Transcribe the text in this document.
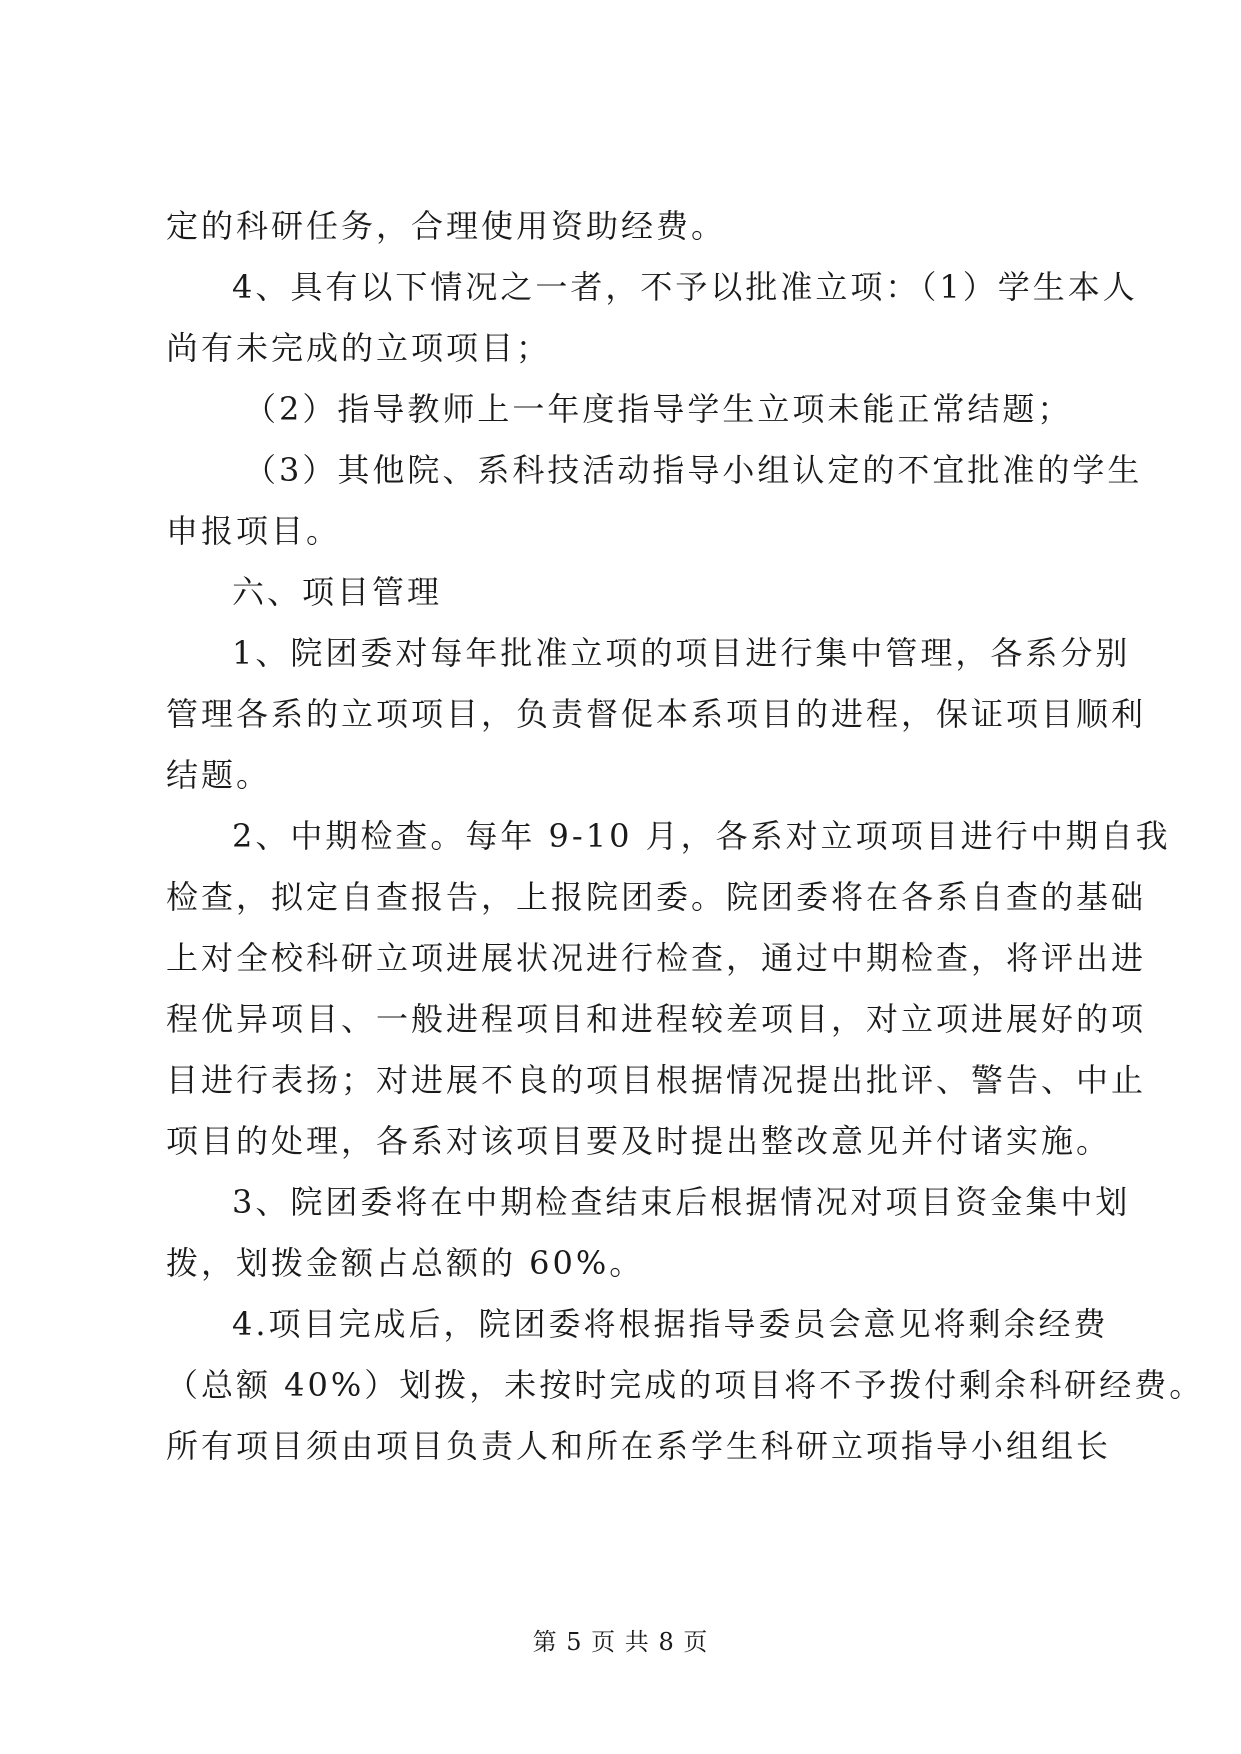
定的科研任务，合理使用资助经费。
4、具有以下情况之一者，不予以批准立项：（1）学生本人
尚有未完成的立项项目；
（2）指导教师上一年度指导学生立项未能正常结题；
（3）其他院、系科技活动指导小组认定的不宜批准的学生
申报项目。
六、项目管理
1、院团委对每年批准立项的项目进行集中管理，各系分别
管理各系的立项项目，负责督促本系项目的进程，保证项目顺利
结题。
2、中期检查。每年 9-10 月，各系对立项项目进行中期自我
检查，拟定自查报告，上报院团委。院团委将在各系自查的基础
上对全校科研立项进展状况进行检查，通过中期检查，将评出进
程优异项目、一般进程项目和进程较差项目，对立项进展好的项
目进行表扬；对进展不良的项目根据情况提出批评、警告、中止
项目的处理，各系对该项目要及时提出整改意见并付诸实施。
3、院团委将在中期检查结束后根据情况对项目资金集中划
拨，划拨金额占总额的 60%。
4.项目完成后，院团委将根据指导委员会意见将剩余经费
（总额 40%）划拨，未按时完成的项目将不予拨付剩余科研经费。
所有项目须由项目负责人和所在系学生科研立项指导小组组长
第 5 页 共 8 页
